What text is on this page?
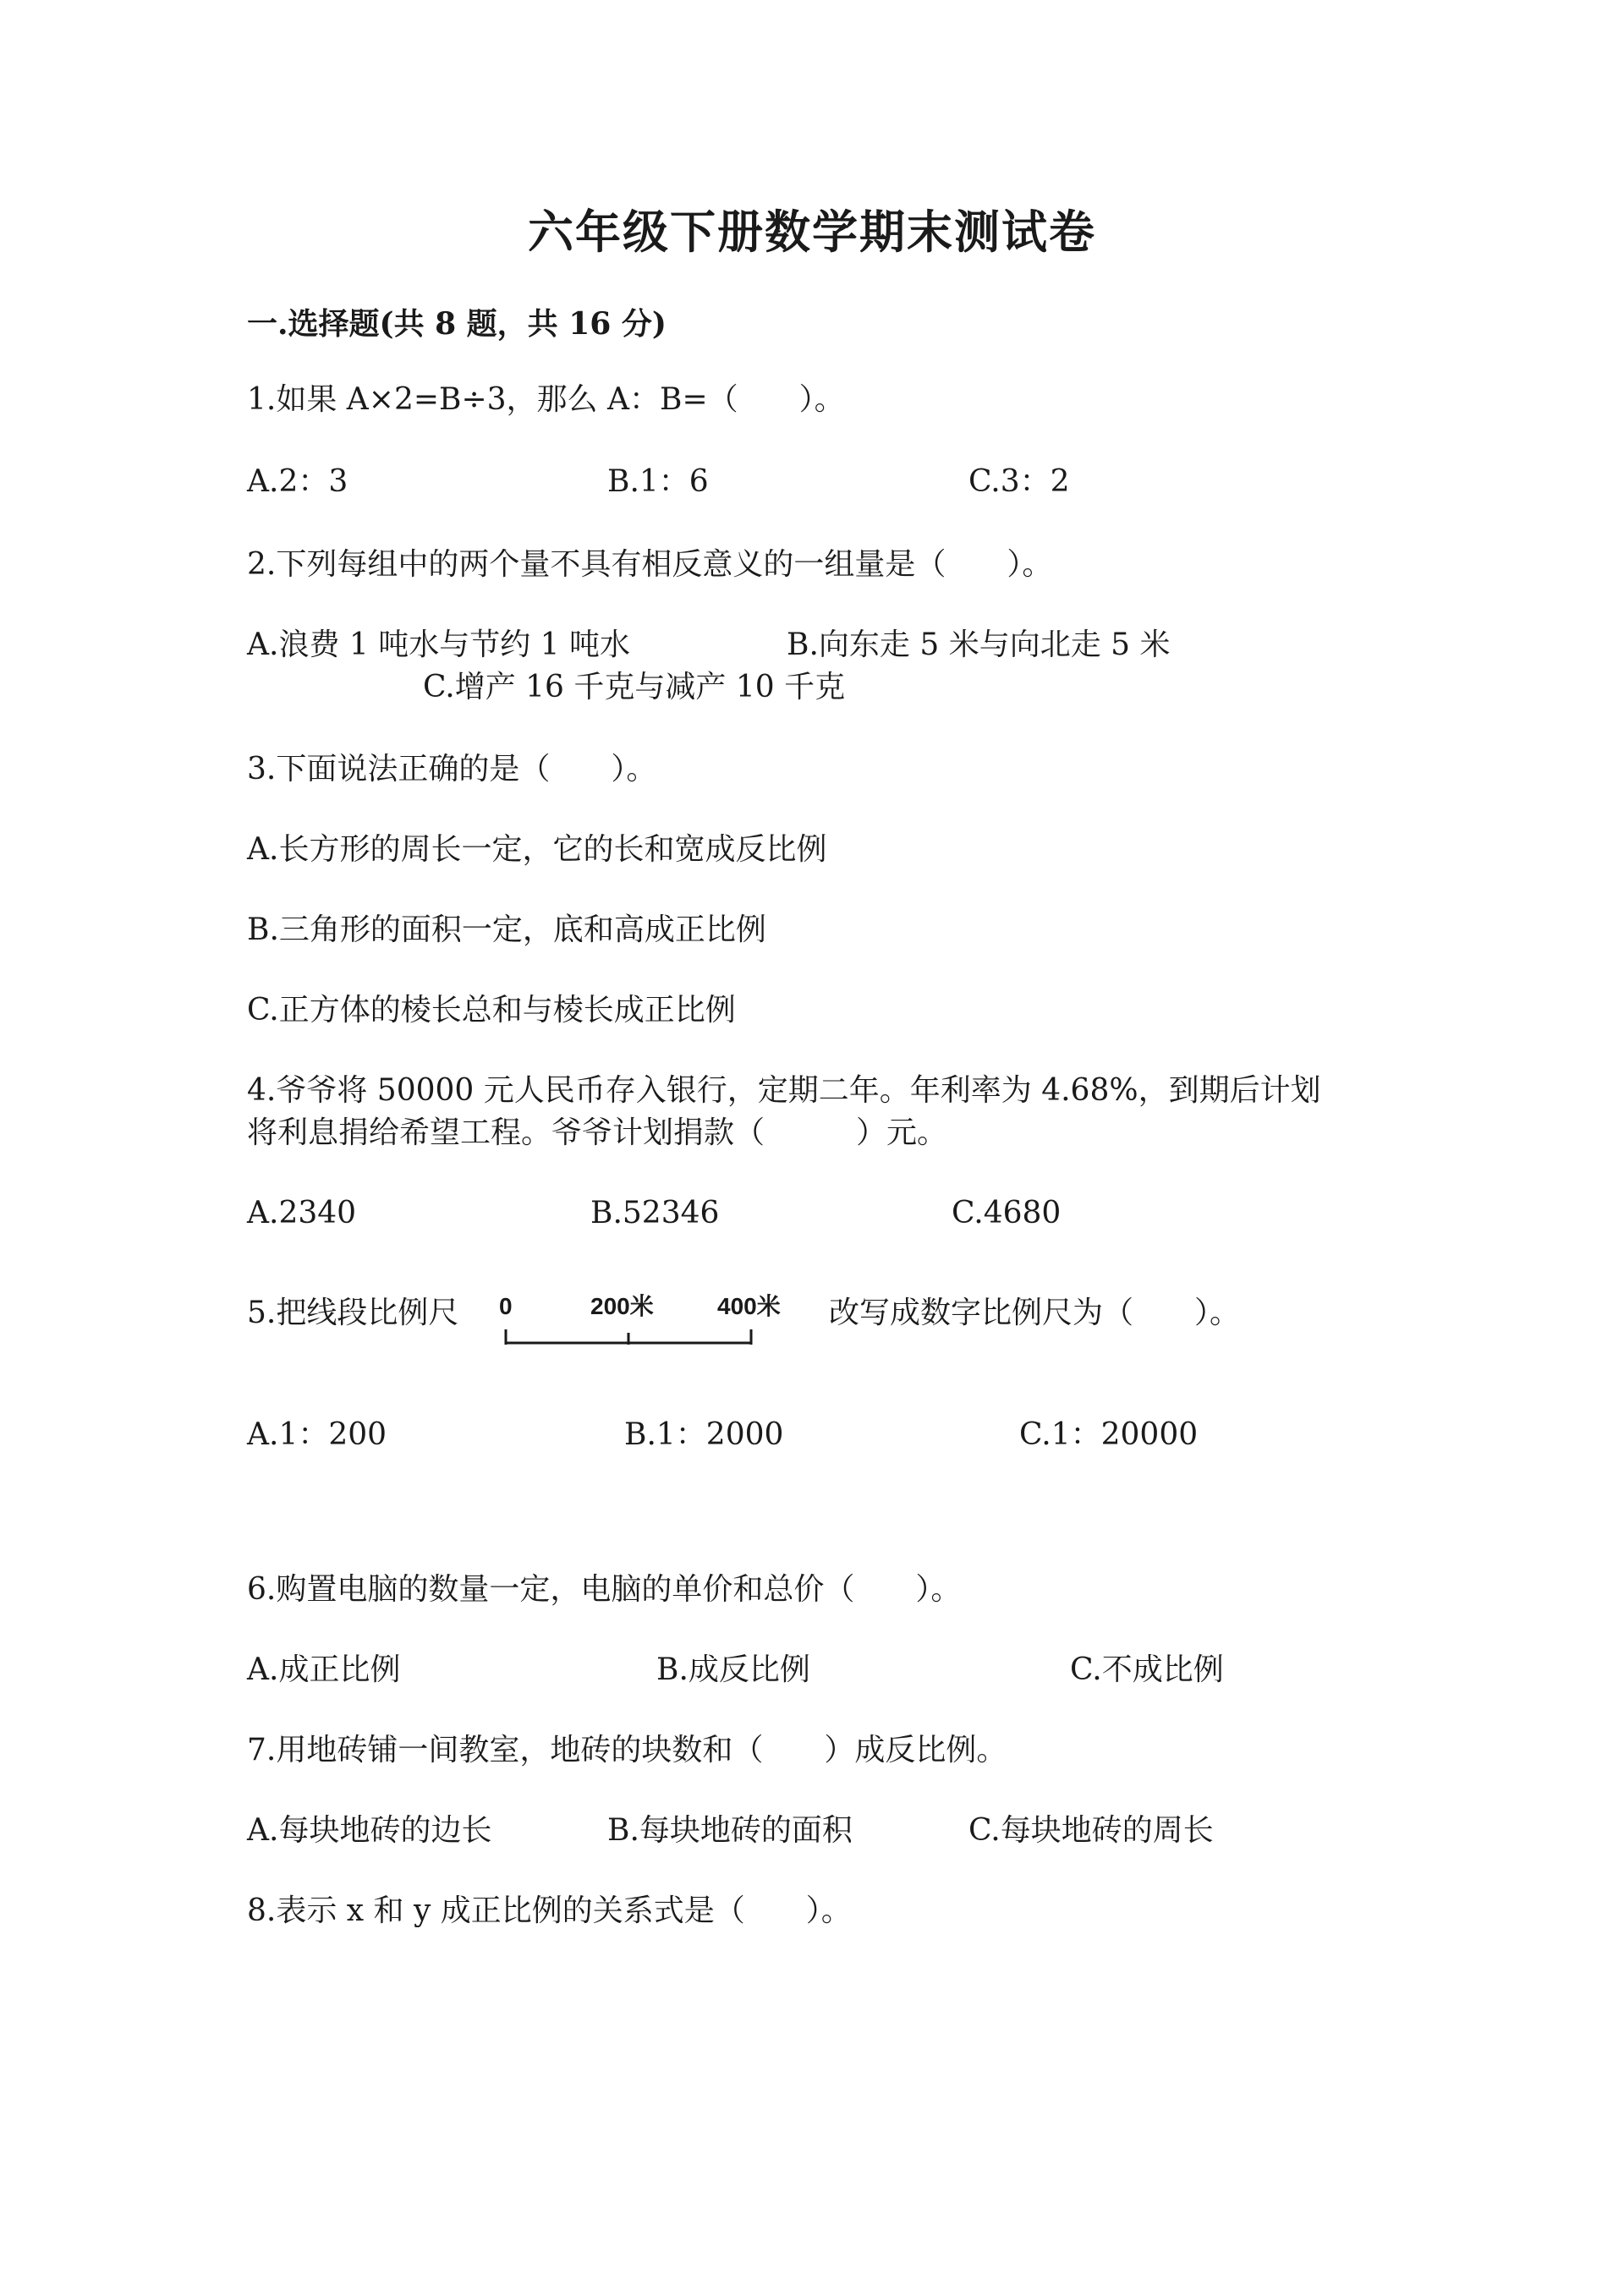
六年级下册数学期末测试卷
一.选择题(共 8 题，共 16 分)
1.如果 A×2=B÷3，那么 A：B=（　　）。
A.2：3	B.1：6	C.3：2
2.下列每组中的两个量不具有相反意义的一组量是（　　）。
A.浪费 1 吨水与节约 1 吨水	B.向东走 5 米与向北走 5 米
C.增产 16 千克与减产 10 千克
3.下面说法正确的是（　　）。
A.长方形的周长一定，它的长和宽成反比例
B.三角形的面积一定，底和高成正比例
C.正方体的棱长总和与棱长成正比例
4.爷爷将 50000 元人民币存入银行，定期二年。年利率为 4.68%，到期后计划
将利息捐给希望工程。爷爷计划捐款（　　　）元。
A.2340	B.52346	C.4680
5.把线段比例尺 0	200米	400米 改写成数字比例尺为（　　）。
A.1：200	B.1：2000	C.1：20000
6.购置电脑的数量一定，电脑的单价和总价（　　）。
A.成正比例	B.成反比例	C.不成比例
7.用地砖铺一间教室，地砖的块数和（　　）成反比例。
A.每块地砖的边长	B.每块地砖的面积	C.每块地砖的周长
8.表示 x 和 y 成正比例的关系式是（　　）。
